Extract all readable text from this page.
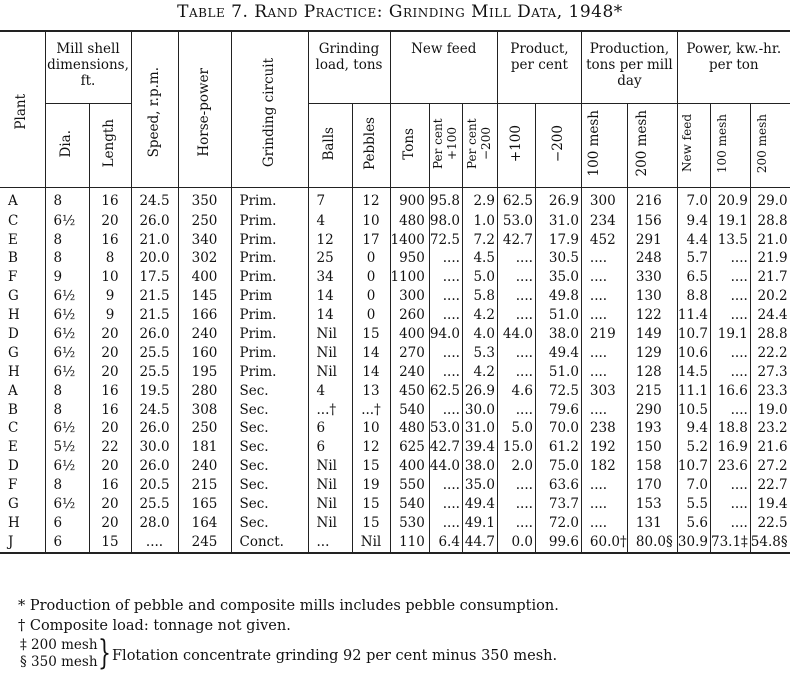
Table 7. Rand Practice: Grinding Mill Data, 1948*
Plant	Mill shell dimensions, ft.		Speed, r.p.m.	Horse-power	Grinding circuit	Grinding load, tons		New feed			Product, per cent		Production, tons per mill day		Power, kw.-hr. per ton		
	Dia.	Length				Balls	Pebbles	Tons	Per cent +100	Per cent −200	+100	−200	100 mesh	200 mesh	New feed	100 mesh	200 mesh
A	8	16	24.5	350	Prim.	7	12	900	95.8	2.9	62.5	26.9	300	216	7.0	20.9	29.0
C	6½	20	26.0	250	Prim.	4	10	480	98.0	1.0	53.0	31.0	234	156	9.4	19.1	28.8
E	8	16	21.0	340	Prim.	12	17	1400	72.5	7.2	42.7	17.9	452	291	4.4	13.5	21.0
B	8	8	20.0	302	Prim.	25	0	950	....	4.5	....	30.5	....	248	5.7	....	21.9
F	9	10	17.5	400	Prim.	34	0	1100	....	5.0	....	35.0	....	330	6.5	....	21.7
G	6½	9	21.5	145	Prim	14	0	300	....	5.8	....	49.8	....	130	8.8	....	20.2
H	6½	9	21.5	166	Prim.	14	0	260	....	4.2	....	51.0	....	122	11.4	....	24.4
D	6½	20	26.0	240	Prim.	Nil	15	400	94.0	4.0	44.0	38.0	219	149	10.7	19.1	28.8
G	6½	20	25.5	160	Prim.	Nil	14	270	....	5.3	....	49.4	....	129	10.6	....	22.2
H	6½	20	25.5	195	Prim.	Nil	14	240	....	4.2	....	51.0	....	128	14.5	....	27.3
A	8	16	19.5	280	Sec.	4	13	450	62.5	26.9	4.6	72.5	303	215	11.1	16.6	23.3
B	8	16	24.5	308	Sec.	...†	...†	540	....	30.0	....	79.6	....	290	10.5	....	19.0
C	6½	20	26.0	250	Sec.	6	10	480	53.0	31.0	5.0	70.0	238	193	9.4	18.8	23.2
E	5½	22	30.0	181	Sec.	6	12	625	42.7	39.4	15.0	61.2	192	150	5.2	16.9	21.6
D	6½	20	26.0	240	Sec.	Nil	15	400	44.0	38.0	2.0	75.0	182	158	10.7	23.6	27.2
F	8	16	20.5	215	Sec.	Nil	19	550	....	35.0	....	63.6	....	170	7.0	....	22.7
G	6½	20	25.5	165	Sec.	Nil	15	540	....	49.4	....	73.7	....	153	5.5	....	19.4
H	6	20	28.0	164	Sec.	Nil	15	530	....	49.1	....	72.0	....	131	5.6	....	22.5
J	6	15	....	245	Conct.	...	Nil	110	6.4	44.7	0.0	99.6	60.0†	80.0§	30.9	73.1‡	54.8§
* Production of pebble and composite mills includes pebble consumption.
† Composite load: tonnage not given.
‡ 200 mesh
§ 350 mesh } Flotation concentrate grinding 92 per cent minus 350 mesh.
